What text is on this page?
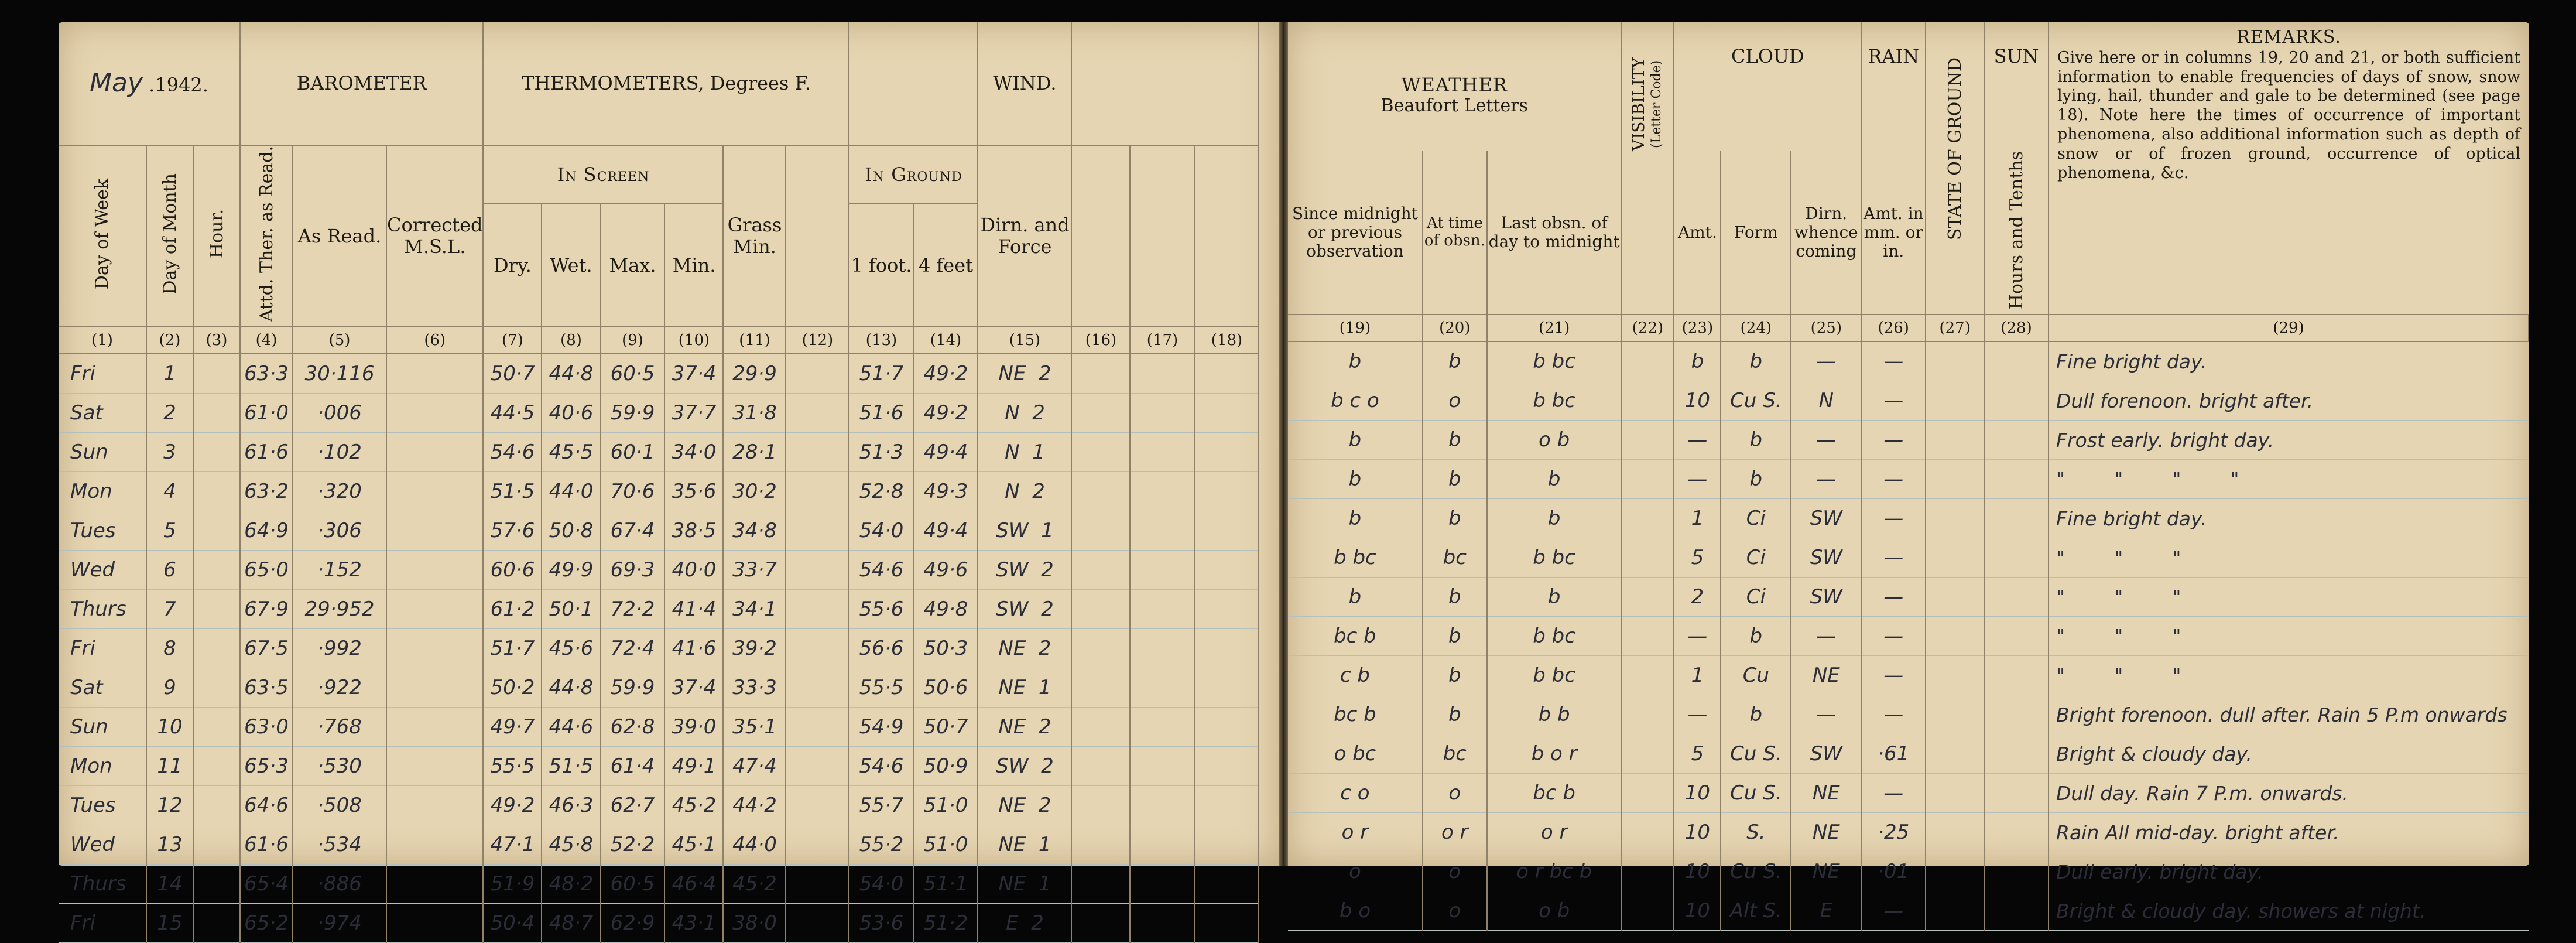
May .1942.			BAROMETER			THERMOMETERS, Degrees F.								WIND.			
Day of Week	Day of Month	Hour.	Attd. Ther. as Read.	As Read.	Corrected M.S.L.	In Screen				Grass Min.		In Ground		Dirn. and Force			
						Dry.	Wet.	Max.	Min.			1 foot.	4 feet				
(1)	(2)	(3)	(4)	(5)	(6)	(7)	(8)	(9)	(10)	(11)	(12)	(13)	(14)	(15)	(16)	(17)	(18)
Fri	1		63·3	30·116		50·7	44·8	60·5	37·4	29·9		51·7	49·2	NE  2			
Sat	2		61·0	·006		44·5	40·6	59·9	37·7	31·8		51·6	49·2	N  2			
Sun	3		61·6	·102		54·6	45·5	60·1	34·0	28·1		51·3	49·4	N  1			
Mon	4		63·2	·320		51·5	44·0	70·6	35·6	30·2		52·8	49·3	N  2			
Tues	5		64·9	·306		57·6	50·8	67·4	38·5	34·8		54·0	49·4	SW  1			
Wed	6		65·0	·152		60·6	49·9	69·3	40·0	33·7		54·6	49·6	SW  2			
Thurs	7		67·9	29·952		61·2	50·1	72·2	41·4	34·1		55·6	49·8	SW  2			
Fri	8		67·5	·992		51·7	45·6	72·4	41·6	39·2		56·6	50·3	NE  2			
Sat	9		63·5	·922		50·2	44·8	59·9	37·4	33·3		55·5	50·6	NE  1			
Sun	10		63·0	·768		49·7	44·6	62·8	39·0	35·1		54·9	50·7	NE  2			
Mon	11		65·3	·530		55·5	51·5	61·4	49·1	47·4		54·6	50·9	SW  2			
Tues	12		64·6	·508		49·2	46·3	62·7	45·2	44·2		55·7	51·0	NE  2			
Wed	13		61·6	·534		47·1	45·8	52·2	45·1	44·0		55·2	51·0	NE  1			
Thurs	14		65·4	·886		51·9	48·2	60·5	46·4	45·2		54·0	51·1	NE  1			
Fri	15		65·2	·974		50·4	48·7	62·9	43·1	38·0		53·6	51·2	E  2			
WEATHER
Beaufort Letters			VISIBILITY
(Letter Code)	CLOUD			RAIN	STATE OF GROUND	SUN	REMARKS.
Give here or in columns 19, 20 and 21, or both sufficient information to enable frequencies of days of snow, snow lying, hail, thunder and gale to be determined (see page 18). Note here the times of occurrence of important phenomena, also additional information such as depth of snow or of frozen ground, occurrence of optical phenomena, &c.
Since midnight or previous observation	At time of obsn.	Last obsn. of day to midnight		Amt.	Form	Dirn. whence coming	Amt. in mm. or in.		Hours and Tenths	
(19)	(20)	(21)	(22)	(23)	(24)	(25)	(26)	(27)	(28)	(29)
b	b	b bc		b	b	—	—			Fine bright day.
b c o	o	b bc		10	Cu S.	N	—			Dull forenoon. bright after.
b	b	o b		—	b	—	—			Frost early. bright day.
b	b	b		—	b	—	—			"        "        "        "
b	b	b		1	Ci	SW	—			Fine bright day.
b bc	bc	b bc		5	Ci	SW	—			"        "        "
b	b	b		2	Ci	SW	—			"        "        "
bc b	b	b bc		—	b	—	—			"        "        "
c b	b	b bc		1	Cu	NE	—			"        "        "
bc b	b	b b		—	b	—	—			Bright forenoon. dull after. Rain 5 P.m onwards
o bc	bc	b o r		5	Cu S.	SW	·61			Bright & cloudy day.
c o	o	bc b		10	Cu S.	NE	—			Dull day. Rain 7 P.m. onwards.
o r	o r	o r		10	S.	NE	·25			Rain All mid-day. bright after.
o	o	o r bc b		10	Cu S.	NE	·01			Dull early. bright day.
b o	o	o b		10	Alt S.	E	—			Bright & cloudy day. showers at night.
